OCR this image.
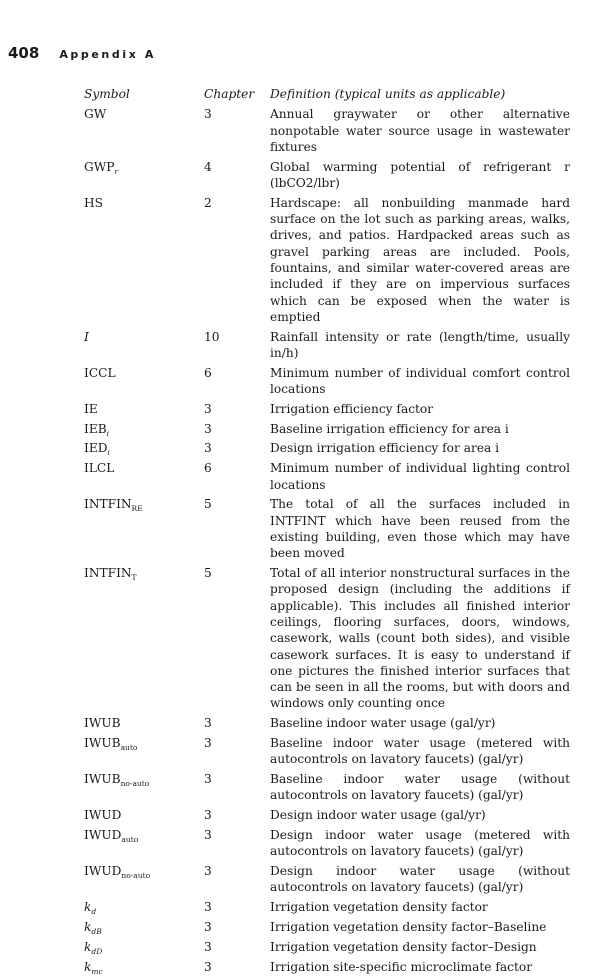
408 Appendix A
Symbol	Chapter	Definition (typical units as applicable)
GW	3	Annual graywater or other alternative nonpotable water source usage in wastewater fixtures
$GWP_r$	4	Global warming potential of refrigerant r (lbCO2/lbr)
HS	2	Hardscape: all nonbuilding manmade hard surface on the lot such as parking areas, walks, drives, and patios. Hardpacked areas such as gravel parking areas are included. Pools, fountains, and similar water-covered areas are included if they are on impervious surfaces which can be exposed when the water is emptied
I	10	Rainfall intensity or rate (length/time, usually in/h)
ICCL	6	Minimum number of individual comfort control locations
IE	3	Irrigation efficiency factor
$IEB_i$	3	Baseline irrigation efficiency for area i
$IED_i$	3	Design irrigation efficiency for area i
ILCL	6	Minimum number of individual lighting control locations
$INTFIN_{RE}$	5	The total of all the surfaces included in INTFINT which have been reused from the existing building, even those which may have been moved
$INTFIN_T$	5	Total of all interior nonstructural surfaces in the proposed design (including the additions if applicable). This includes all finished interior ceilings, flooring surfaces, doors, windows, casework, walls (count both sides), and visible casework surfaces. It is easy to understand if one pictures the finished interior surfaces that can be seen in all the rooms, but with doors and windows only counting once
IWUB	3	Baseline indoor water usage (gal/yr)
$IWUB_{auto}$	3	Baseline indoor water usage (metered with autocontrols on lavatory faucets) (gal/yr)
$IWUB_{no-auto}$	3	Baseline indoor water usage (without autocontrols on lavatory faucets) (gal/yr)
IWUD	3	Design indoor water usage (gal/yr)
$IWUD_{auto}$	3	Design indoor water usage (metered with autocontrols on lavatory faucets) (gal/yr)
$IWUD_{no-auto}$	3	Design indoor water usage (without autocontrols on lavatory faucets) (gal/yr)
$k_d$	3	Irrigation vegetation density factor
$k_{dB}$	3	Irrigation vegetation density factor–Baseline
$k_{dD}$	3	Irrigation vegetation density factor–Design
$k_{mc}$	3	Irrigation site-specific microclimate factor
